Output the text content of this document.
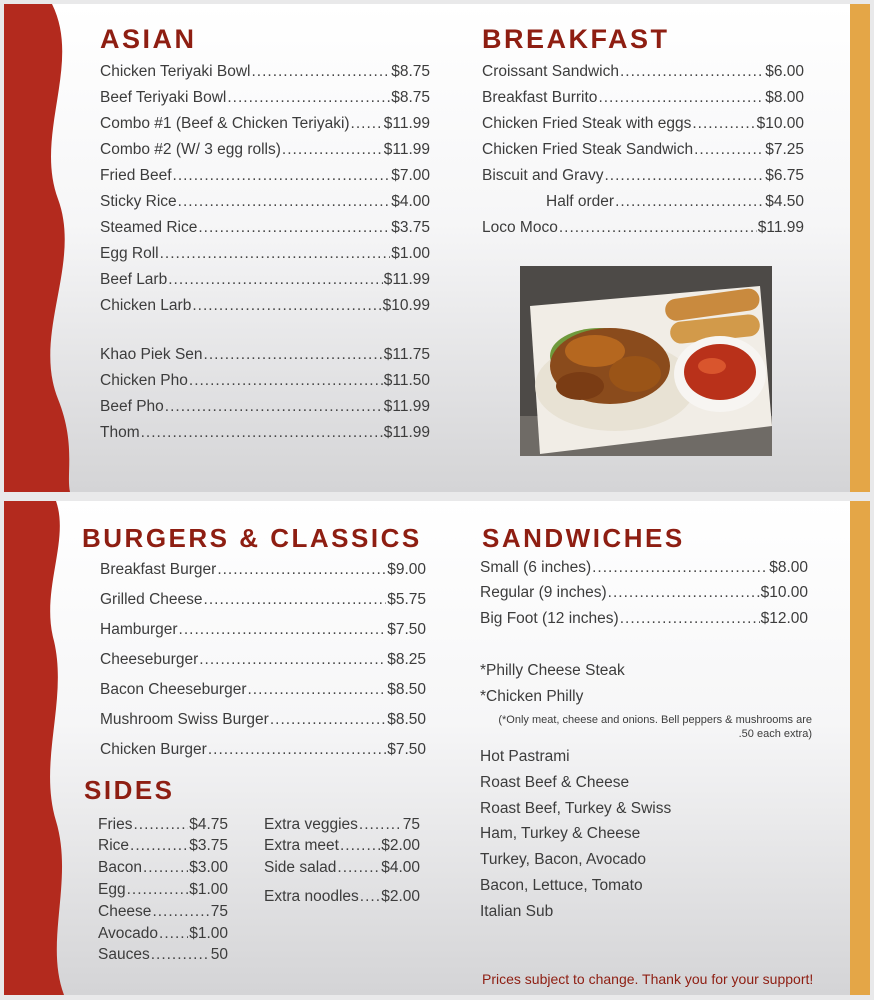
ASIAN
Chicken Teriyaki Bowl .....	$8.75
Beef Teriyaki Bowl .....	$8.75
Combo #1 (Beef & Chicken Teriyaki) ..... $11.99
Combo #2 (W/ 3 egg rolls) .....	$11.99
Fried Beef .....	$7.00
Sticky Rice .....	$4.00
Steamed Rice .....	$3.75
Egg Roll .....	$1.00
Beef Larb .....	$11.99
Chicken Larb .....	$10.99
Khao Piek Sen .....	$11.75
Chicken Pho .....	$11.50
Beef Pho .....	$11.99
Thom .....	$11.99
BREAKFAST
Croissant Sandwich .....	$6.00
Breakfast Burrito .....	$8.00
Chicken Fried Steak with eggs .....	$10.00
Chicken Fried Steak Sandwich .....	$7.25
Biscuit and Gravy .....	$6.75
Half order .....	$4.50
Loco Moco .....	$11.99
BURGERS & CLASSICS
Breakfast Burger .....	$9.00
Grilled Cheese .....	$5.75
Hamburger .....	$7.50
Cheeseburger .....	$8.25
Bacon Cheeseburger .....	$8.50
Mushroom Swiss Burger .....	$8.50
Chicken Burger .....	$7.50
SIDES
Fries .....	$4.75
Rice .....	$3.75
Bacon .....	$3.00
Egg .....	$1.00
Cheese .....	75
Avocado ..... $1.00
Sauces .....	50
Extra veggies .....	75
Extra meet .....	$2.00
Side salad .....	$4.00
Extra noodles ..... $2.00
SANDWICHES
Small (6 inches) .....	$8.00
Regular (9 inches) .....	$10.00
Big Foot (12 inches) .....	$12.00
*Philly Cheese Steak
*Chicken Philly
(*Only meat, cheese and onions. Bell peppers & mushrooms are
.50 each extra)
Hot Pastrami
Roast Beef & Cheese
Roast Beef, Turkey & Swiss
Ham, Turkey & Cheese
Turkey, Bacon, Avocado
Bacon, Lettuce, Tomato
Italian Sub
Prices subject to change. Thank you for your support!
